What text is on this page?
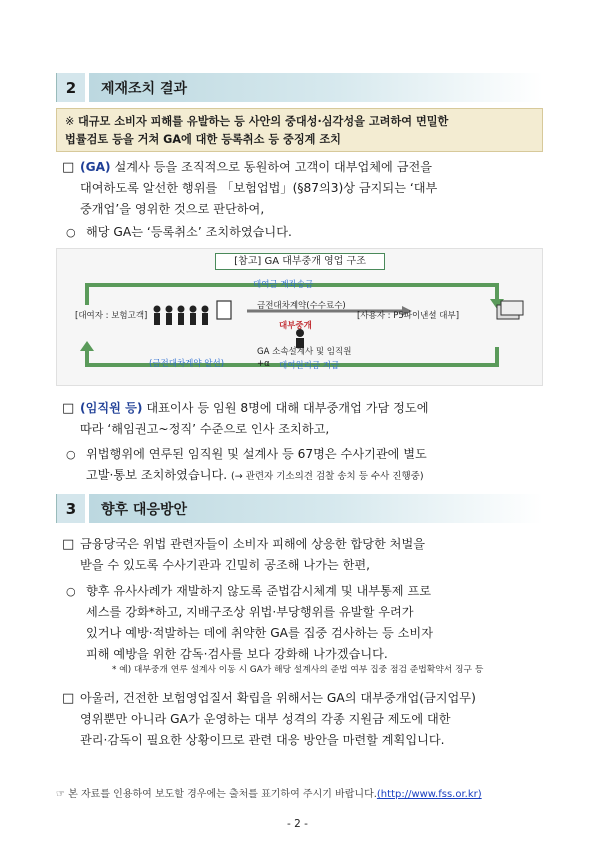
2	제재조치 결과
※ 대규모 소비자 피해를 유발하는 등 사안의 중대성·심각성을 고려하여 면밀한
법률검토 등을 거쳐 GA에 대한 등록취소 등 중징계 조치
□ (GA) 설계사 등을 조직적으로 동원하여 고객이 대부업체에 금전을
대여하도록 알선한 행위를 「보험업법」(§87의3)상 금지되는 ‘대부
중개업’을 영위한 것으로 판단하여,
○ 해당 GA는 ‘등록취소’ 조치하였습니다.
[참고] GA 대부중개 영업 구조
대여금 계좌송금
금전대차계약(수수료수)
[대여자 : 보험고객]	[사용자 : P5파이낸셜 대부]
대부중개
GA 소속설계사 및 임직원
+α 대여원리금 지급
(금전대차계약 알선)
□ (임직원 등) 대표이사 등 임원 8명에 대해 대부중개업 가담 정도에
따라 ‘해임권고~정직’ 수준으로 인사 조치하고,
○ 위법행위에 연루된 임직원 및 설계사 등 67명은 수사기관에 별도
고발·통보 조치하였습니다. (→ 관련자 기소의견 검찰 송치 등 수사 진행중)
3	향후 대응방안
□ 금융당국은 위법 관련자들이 소비자 피해에 상응한 합당한 처벌을
받을 수 있도록 수사기관과 긴밀히 공조해 나가는 한편,
○ 향후 유사사례가 재발하지 않도록 준법감시체계 및 내부통제 프로
세스를 강화*하고, 지배구조상 위법·부당행위를 유발할 우려가
있거나 예방·적발하는 데에 취약한 GA를 집중 검사하는 등 소비자
피해 예방을 위한 감독·검사를 보다 강화해 나가겠습니다.
* 예) 대부중개 연루 설계사 이동 시 GA가 해당 설계사의 준법 여부 집중 점검 준법확약서 징구 등
□ 아울러, 건전한 보험영업질서 확립을 위해서는 GA의 대부중개업(금지업무)
영위뿐만 아니라 GA가 운영하는 대부 성격의 각종 지원금 제도에 대한
관리·감독이 필요한 상황이므로 관련 대응 방안을 마련할 계획입니다.
☞ 본 자료를 인용하여 보도할 경우에는 출처를 표기하여 주시기 바랍니다.(http://www.fss.or.kr)
- 2 -
